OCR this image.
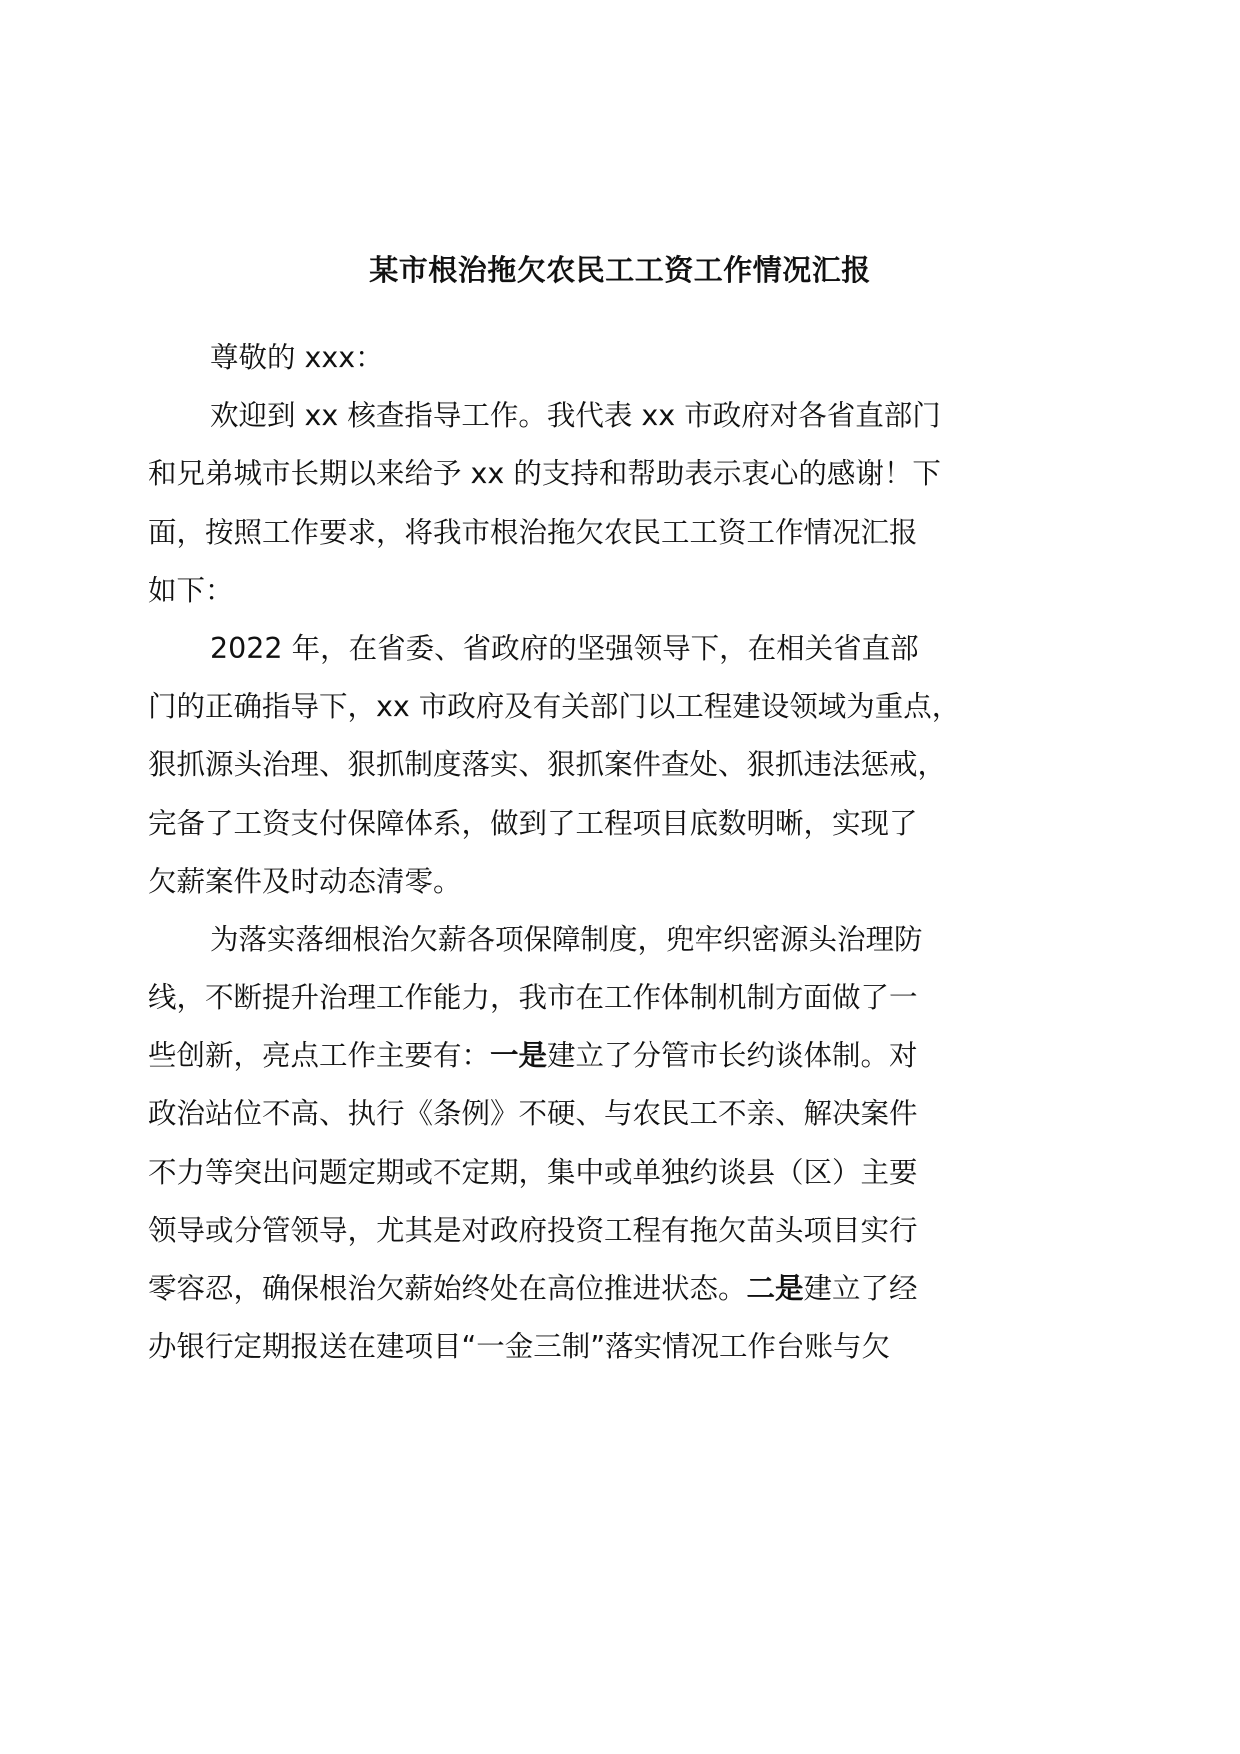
某市根治拖欠农民工工资工作情况汇报
尊敬的 xxx：
欢迎到 xx 核查指导工作。我代表 xx 市政府对各省直部门
和兄弟城市长期以来给予 xx 的支持和帮助表示衷心的感谢！下
面，按照工作要求，将我市根治拖欠农民工工资工作情况汇报
如下：
2022 年，在省委、省政府的坚强领导下，在相关省直部
门的正确指导下，xx 市政府及有关部门以工程建设领域为重点，
狠抓源头治理、狠抓制度落实、狠抓案件查处、狠抓违法惩戒，
完备了工资支付保障体系，做到了工程项目底数明晰，实现了
欠薪案件及时动态清零。
为落实落细根治欠薪各项保障制度，兜牢织密源头治理防
线，不断提升治理工作能力，我市在工作体制机制方面做了一
些创新，亮点工作主要有：一是建立了分管市长约谈体制。对
政治站位不高、执行《条例》不硬、与农民工不亲、解决案件
不力等突出问题定期或不定期，集中或单独约谈县（区）主要
领导或分管领导，尤其是对政府投资工程有拖欠苗头项目实行
零容忍，确保根治欠薪始终处在高位推进状态。二是建立了经
办银行定期报送在建项目“一金三制”落实情况工作台账与欠
